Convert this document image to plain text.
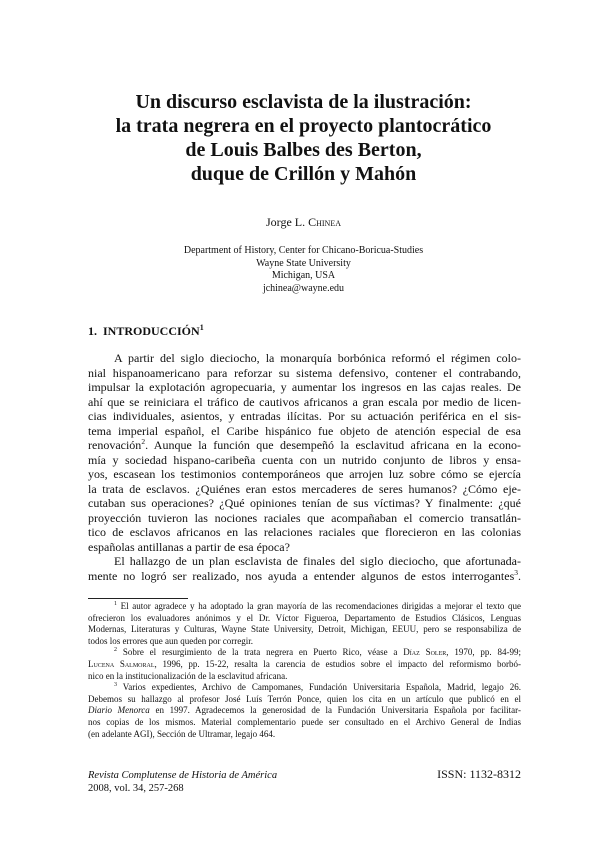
Un discurso esclavista de la ilustración:
la trata negrera en el proyecto plantocrático
de Louis Balbes des Berton,
duque de Crillón y Mahón
Jorge L. Chinea
Department of History, Center for Chicano-Boricua-Studies
Wayne State University
Michigan, USA
jchinea@wayne.edu
1. INTRODUCCIÓN$^1$
A partir del siglo dieciocho, la monarquía borbónica reformó el régimen colo-
nial hispanoamericano para reforzar su sistema defensivo, contener el contrabando,
impulsar la explotación agropecuaria, y aumentar los ingresos en las cajas reales. De
ahí que se reiniciara el tráfico de cautivos africanos a gran escala por medio de licen-
cias individuales, asientos, y entradas ilícitas. Por su actuación periférica en el sis-
tema imperial español, el Caribe hispánico fue objeto de atención especial de esa
renovación$^2$. Aunque la función que desempeñó la esclavitud africana en la econo-
mía y sociedad hispano-caribeña cuenta con un nutrido conjunto de libros y ensa-
yos, escasean los testimonios contemporáneos que arrojen luz sobre cómo se ejercía
la trata de esclavos. ¿Quiénes eran estos mercaderes de seres humanos? ¿Cómo eje-
cutaban sus operaciones? ¿Qué opiniones tenían de sus víctimas? Y finalmente: ¿qué
proyección tuvieron las nociones raciales que acompañaban el comercio transatlán-
tico de esclavos africanos en las relaciones raciales que florecieron en las colonias
españolas antillanas a partir de esa época?
El hallazgo de un plan esclavista de finales del siglo dieciocho, que afortunada-
mente no logró ser realizado, nos ayuda a entender algunos de estos interrogantes$^3$.
$^1$ El autor agradece y ha adoptado la gran mayoría de las recomendaciones dirigidas a mejorar el texto que
ofrecieron los evaluadores anónimos y el Dr. Víctor Figueroa, Departamento de Estudios Clásicos, Lenguas
Modernas, Literaturas y Culturas, Wayne State University, Detroit, Michigan, EEUU, pero se responsabiliza de
todos los errores que aun queden por corregir.
$^2$ Sobre el resurgimiento de la trata negrera en Puerto Rico, véase a Díaz Soler, 1970, pp. 84-99;
Lucena Salmoral, 1996, pp. 15-22, resalta la carencia de estudios sobre el impacto del reformismo borbó-
nico en la institucionalización de la esclavitud africana.
$^3$ Varios expedientes, Archivo de Campomanes, Fundación Universitaria Española, Madrid, legajo 26.
Debemos su hallazgo al profesor José Luís Terrón Ponce, quien los cita en un artículo que publicó en el
Diario Menorca en 1997. Agradecemos la generosidad de la Fundación Universitaria Española por facilitar-
nos copias de los mismos. Material complementario puede ser consultado en el Archivo General de Indias
(en adelante AGI), Sección de Ultramar, legajo 464.
Revista Complutense de Historia de América
2008, vol. 34, 257-268
ISSN: 1132-8312
